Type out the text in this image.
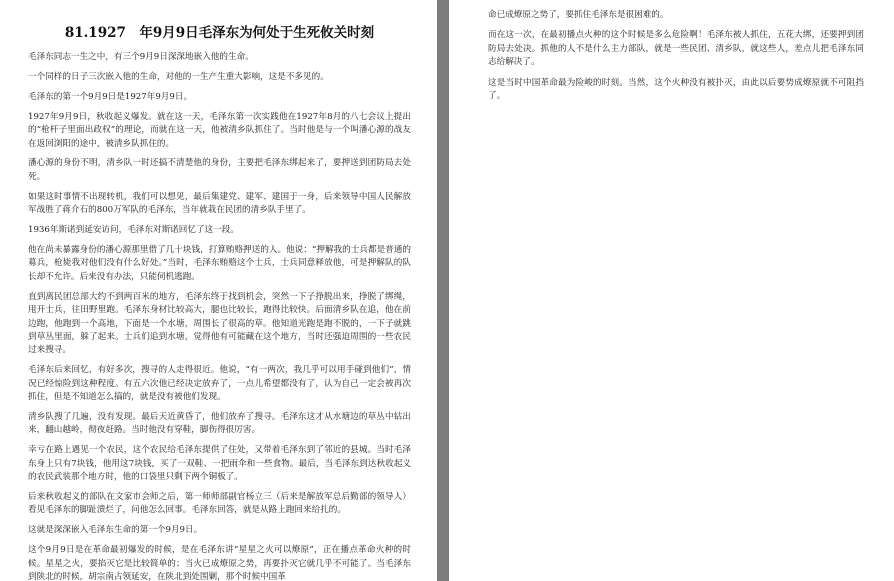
81.1927　年9月9日毛泽东为何处于生死攸关时刻

毛泽东同志一生之中，有三个9月9日深深地嵌入他的生命。

一个同样的日子三次嵌入他的生命，对他的一生产生重大影响，这是不多见的。

毛泽东的第一个9月9日是1927年9月9日。

1927年9月9日，秋收起义爆发。就在这一天，毛泽东第一次实践他在1927年8月的八七会议上提出的“枪杆子里面出政权”的理论，而就在这一天，他被清乡队抓住了。当时他是与一个叫潘心源的战友在返回浏阳的途中，被清乡队抓住的。

潘心源的身份不明，清乡队一时还搞不清楚他的身份，主要把毛泽东绑起来了，要押送到团防局去处死。

如果这时事情不出现转机，我们可以想见，最后集建党、建军、建国于一身，后来领导中国人民解放军战胜了蒋介石的800万军队的毛泽东，当年就栽在民团的清乡队手里了。

1936年斯诺到延安访问，毛泽东对斯诺回忆了这一段。

他在尚未暴露身份的潘心源那里借了几十块钱，打算贿赂押送的人。他说：“押解我的士兵都是普通的募兵，枪毙我对他们没有什么好处。”当时，毛泽东贿赂这个士兵，士兵同意释放他，可是押解队的队长却不允许。后来没有办法，只能伺机逃跑。

直到离民团总部大约不到两百米的地方，毛泽东终于找到机会，突然一下子挣脱出来，挣脱了绑绳，甩开士兵，往田野里跑。毛泽东身材比较高大，腿也比较长，跑得比较快。后面清乡队在追，他在前边跑，他跑到一个高地，下面是一个水塘，周围长了很高的草。他知道光跑是跑不脱的，一下子就跳到草丛里面，躲了起来。士兵们追到水塘，觉得他有可能藏在这个地方，当时还强迫周围的一些农民过来搜寻。

毛泽东后来回忆，有好多次，搜寻的人走得很近。他说，“有一两次，我几乎可以用手碰到他们”，情况已经惊险到这种程度。有五六次他已经决定放弃了，一点儿希望都没有了，认为自己一定会被再次抓住，但是不知道怎么搞的，就是没有被他们发现。

清乡队搜了几遍，没有发现。最后天近黄昏了，他们放弃了搜寻。毛泽东这才从水塘边的草丛中钻出来，翻山越岭，彻夜赶路。当时他没有穿鞋，脚伤得很厉害。

幸亏在路上遇见一个农民，这个农民给毛泽东提供了住处，又带着毛泽东到了邻近的县城。当时毛泽东身上只有7块钱，他用这7块钱，买了一双鞋、一把雨伞和一些食物。最后，当毛泽东到达秋收起义的农民武装那个地方时，他的口袋里只剩下两个铜板了。

后来秋收起义的部队在文家市会师之后，第一师师部副官杨立三（后来是解放军总后勤部的领导人）看见毛泽东的脚趾溃烂了，问他怎么回事。毛泽东回答，就是从路上跑回来给扎的。

这就是深深嵌入毛泽东生命的第一个9月9日。

这个9月9日是在革命最初爆发的时候，是在毛泽东讲“星星之火可以燎原”，正在播点革命火种的时候。星星之火，要掐灭它是比较简单的；当火已成燎原之势，再要扑灭它就几乎不可能了。当毛泽东到陕北的时候，胡宗南占领延安，在陕北到处围剿，那个时候中国革

命已成燎原之势了，要抓住毛泽东是很困难的。

而在这一次，在最初播点火种的这个时候是多么危险啊！毛泽东被人抓住，五花大绑，还要押到团防局去处决。抓他的人不是什么主力部队，就是一些民团、清乡队，就这些人，差点儿把毛泽东同志给解决了。

这是当时中国革命最为险峻的时刻。当然，这个火种没有被扑灭，由此以后要势成燎原就不可阻挡了。
